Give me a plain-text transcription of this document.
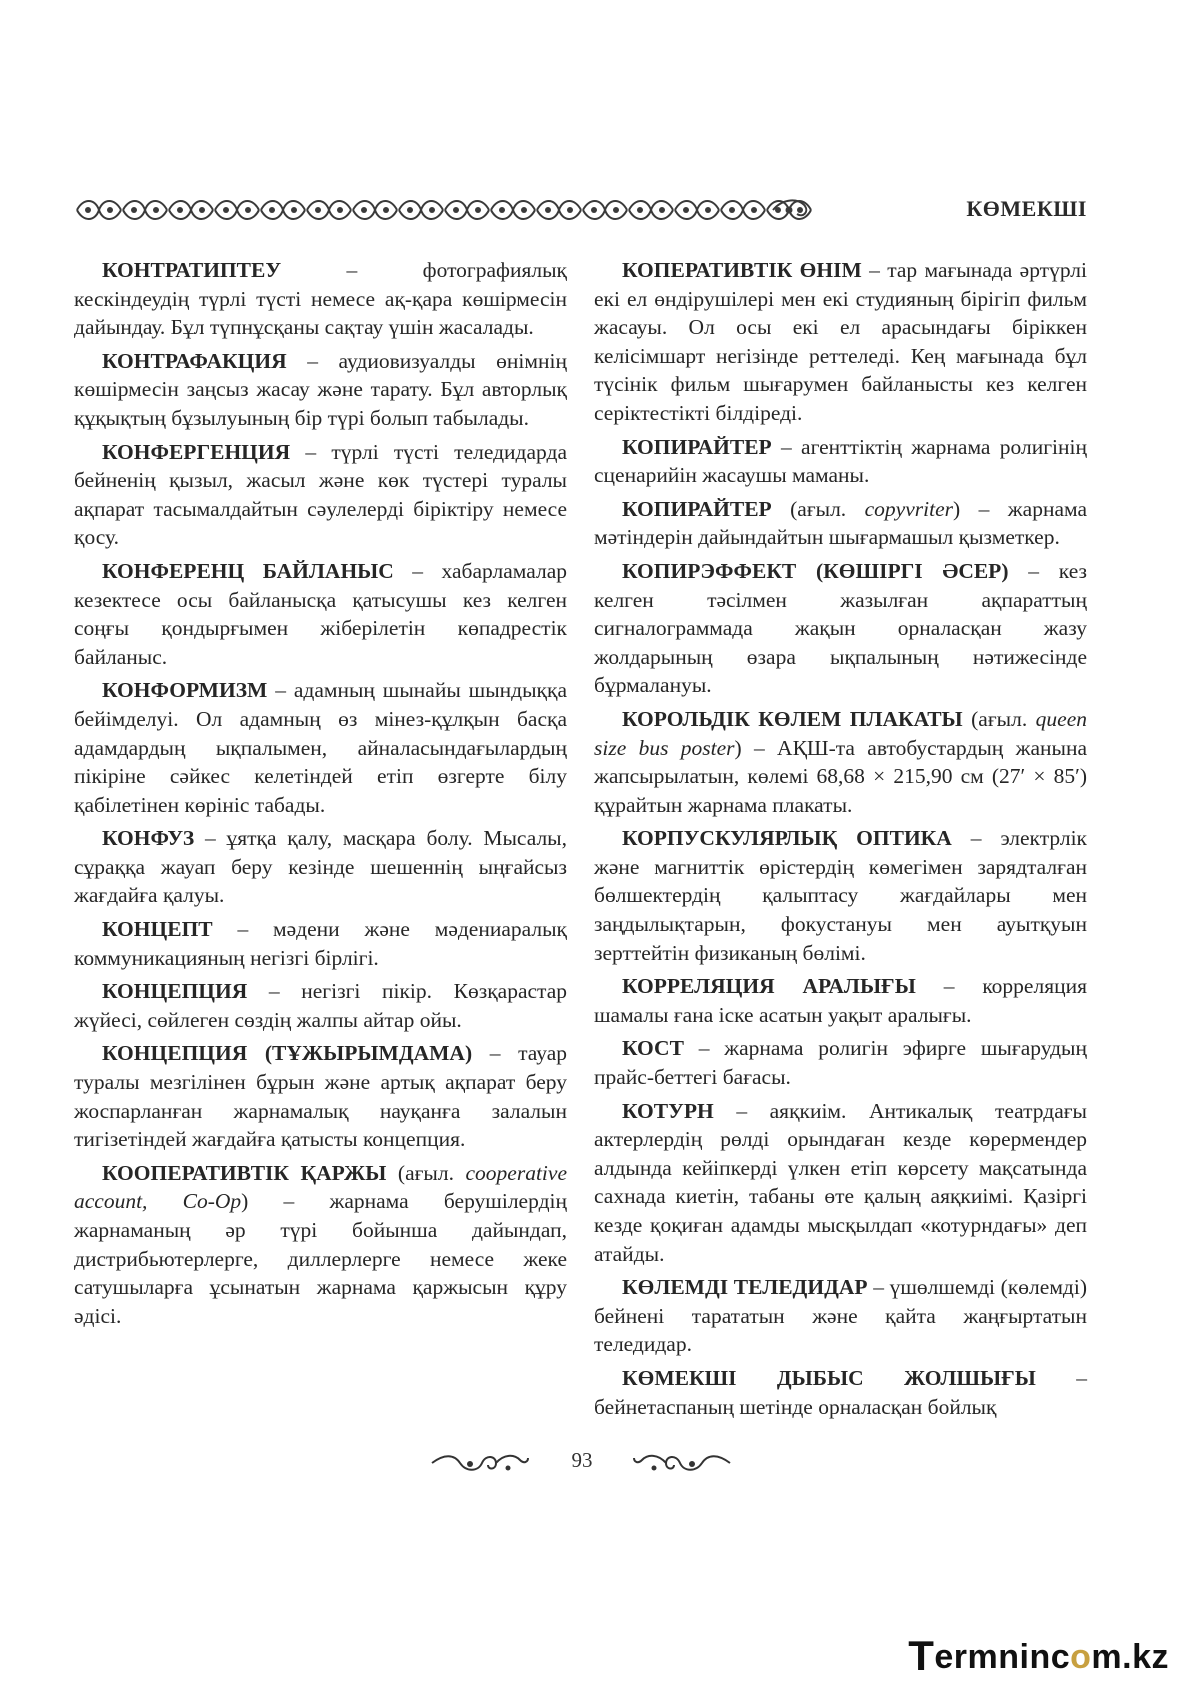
КӨМЕКШІ

КОНТРАТИПТЕУ – фотографиялық кескіндеудің түрлі түсті немесе ақ-қара көшірмесін дайындау. Бұл түпнұсқаны сақтау үшін жасалады.

КОНТРАФАКЦИЯ – аудиовизуалды өнімнің көшірмесін заңсыз жасау және тарату. Бұл авторлық құқықтың бұзылуының бір түрі болып табылады.

КОНФЕРГЕНЦИЯ – түрлі түсті теледидарда бейненің қызыл, жасыл және көк түстері туралы ақпарат тасымалдайтын сәулелерді біріктіру немесе қосу.

КОНФЕРЕНЦ БАЙЛАНЫС – хабарламалар кезектесе осы байланысқа қатысушы кез келген соңғы қондырғымен жіберілетін көпадрестік байланыс.

КОНФОРМИЗМ – адамның шынайы шындыққа бейімделуі. Ол адамның өз мінез-құлқын басқа адамдардың ықпалымен, айналасындағылардың пікіріне сәйкес келетіндей етіп өзгерте білу қабілетінен көрініс табады.

КОНФУЗ – ұятқа қалу, масқара болу. Мысалы, сұраққа жауап беру кезінде шешеннің ыңғайсыз жағдайға қалуы.

КОНЦЕПТ – мәдени және мәдениаралық коммуникацияның негізгі бірлігі.

КОНЦЕПЦИЯ – негізгі пікір. Көзқарастар жүйесі, сөйлеген сөздің жалпы айтар ойы.

КОНЦЕПЦИЯ (ТҰЖЫРЫМДАМА) – тауар туралы мезгілінен бұрын және артық ақпарат беру жоспарланған жарнамалық науқанға залалын тигізетіндей жағдайға қатысты концепция.

КООПЕРАТИВТІК ҚАРЖЫ (ағыл. cooperative account, Co-Op) – жарнама берушілердің жарнаманың әр түрі бойынша дайындап, дистрибьютерлерге, диллерлерге немесе жеке сатушыларға ұсынатын жарнама қаржысын құру әдісі.

КОПЕРАТИВТІК ӨНІМ – тар мағынада әртүрлі екі ел өндірушілері мен екі студияның бірігіп фильм жасауы. Ол осы екі ел арасындағы біріккен келісімшарт негізінде реттеледі. Кең мағынада бұл түсінік фильм шығарумен байланысты кез келген серіктестікті білдіреді.

КОПИРАЙТЕР – агенттіктің жарнама ролигінің сценарийін жасаушы маманы.

КОПИРАЙТЕР (ағыл. copyvriter) – жарнама мәтіндерін дайындайтын шығармашыл қызметкер.

КОПИРЭФФЕКТ (КӨШІРГІ ӘСЕР) – кез келген тәсілмен жазылған ақпараттың сигналограммада жақын орналасқан жазу жолдарының өзара ықпалының нәтижесінде бұрмалануы.

КОРОЛЬДІК КӨЛЕМ ПЛАКАТЫ (ағыл. queen size bus poster) – АҚШ-та автобустардың жанына жапсырылатын, көлемі 68,68 × 215,90 см (27′ × 85′) құрайтын жарнама плакаты.

КОРПУСКУЛЯРЛЫҚ ОПТИКА – электрлік және магниттік өрістердің көмегімен зарядталған бөлшектердің қалыптасу жағдайлары мен заңдылықтарын, фокустануы мен ауытқуын зерттейтін физиканың бөлімі.

КОРРЕЛЯЦИЯ АРАЛЫҒЫ – корреляция шамалы ғана іске асатын уақыт аралығы.

КОСТ – жарнама ролигін эфирге шығарудың прайс-беттегі бағасы.

КОТУРН – аяқкиім. Антикалық театрдағы актерлердің рөлді орындаған кезде көрермендер алдында кейіпкерді үлкен етіп көрсету мақсатында сахнада киетін, табаны өте қалың аяқкиімі. Қазіргі кезде қоқиған адамды мысқылдап «котурндағы» деп атайды.

КӨЛЕМДІ ТЕЛЕДИДАР – үшөлшемді (көлемді) бейнені тарататын және қайта жаңғыртатын теледидар.

КӨМЕКШІ ДЫБЫС ЖОЛШЫҒЫ – бейнетаспаның шетінде орналасқан бойлық

93
Termnincom.kz
